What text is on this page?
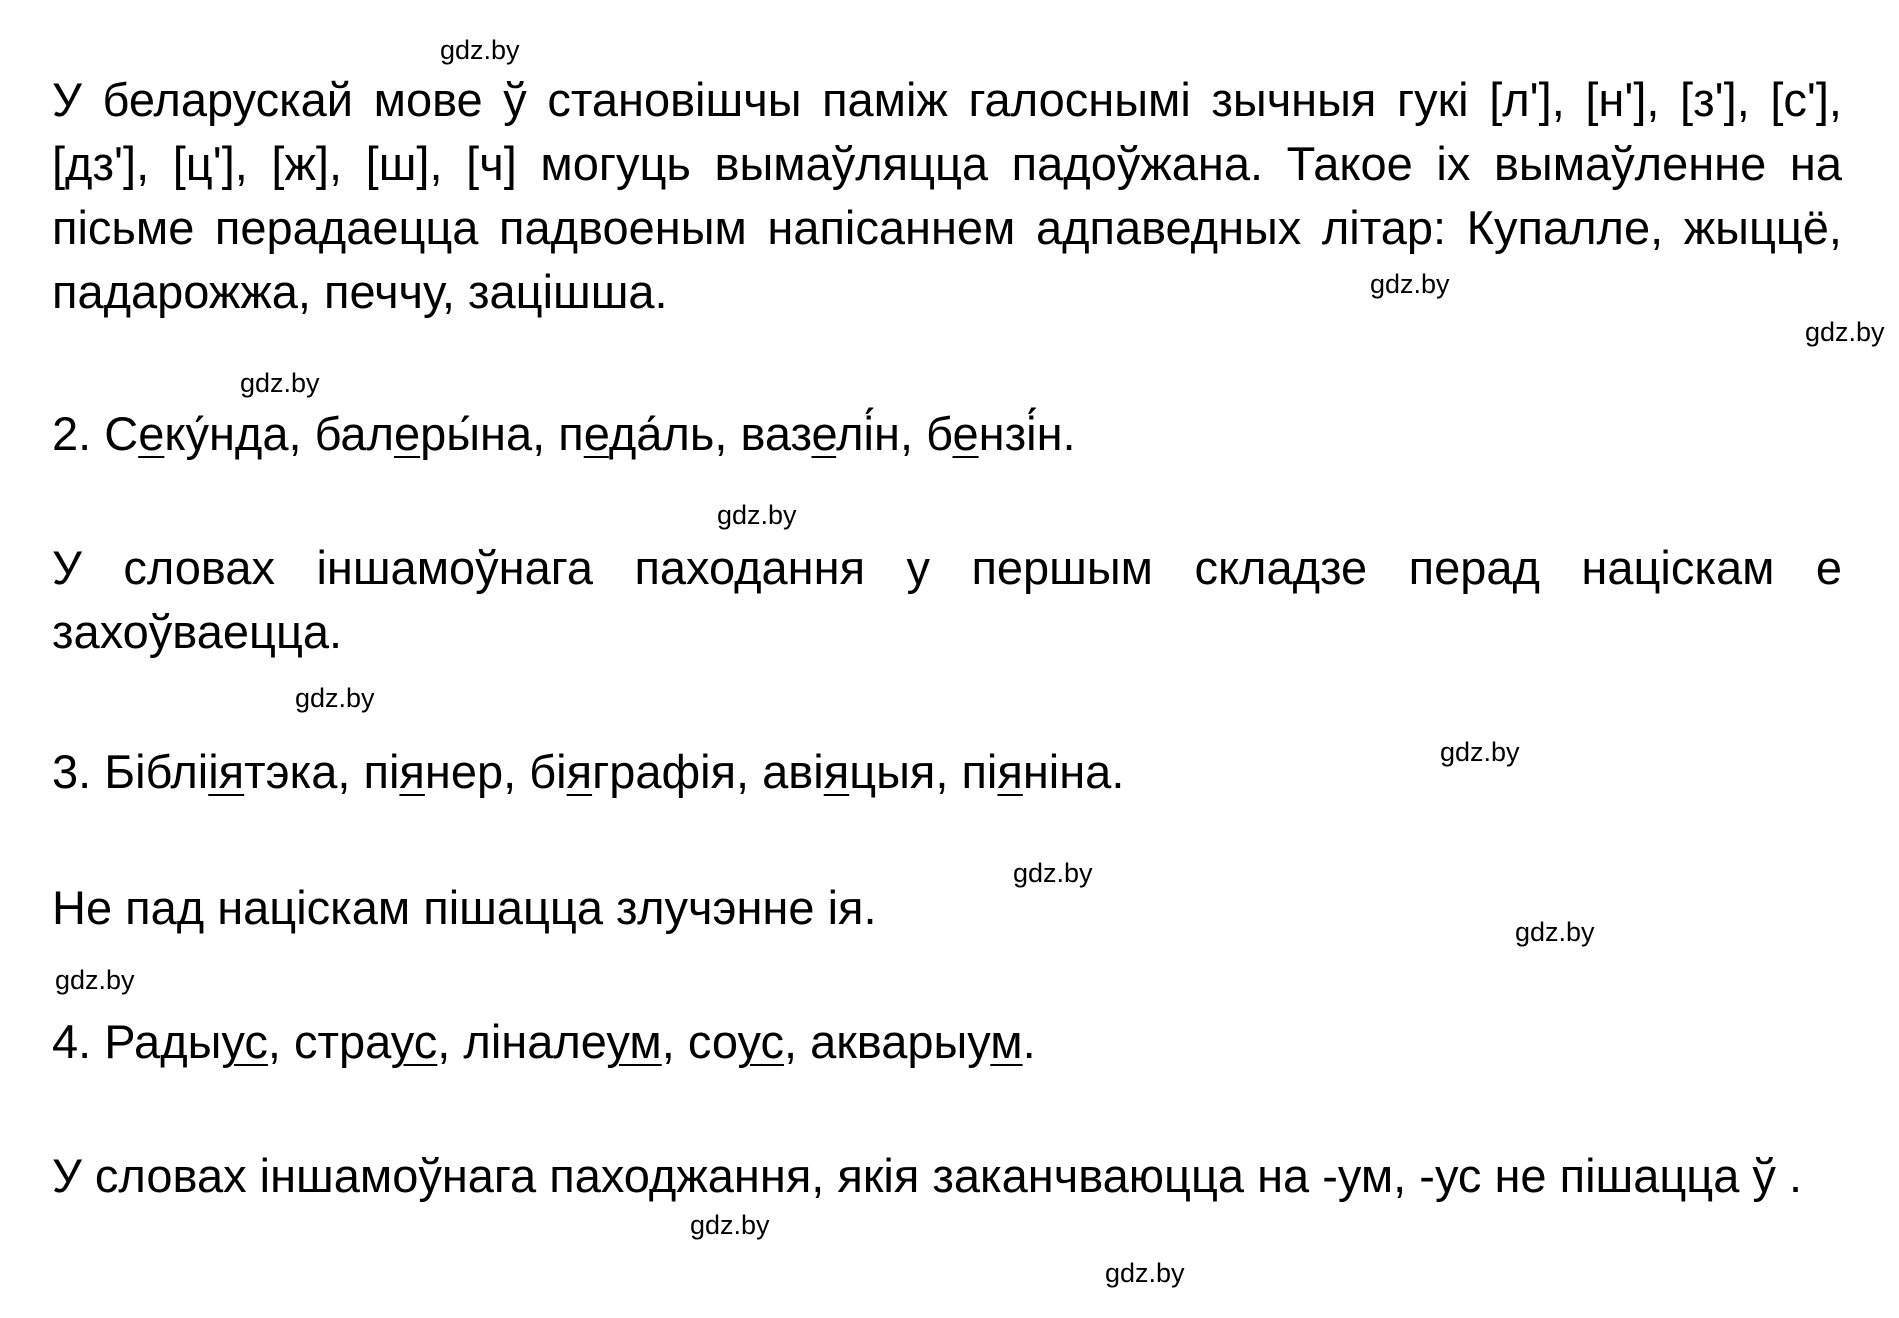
gdz.by
gdz.by
gdz.by
gdz.by
gdz.by
gdz.by
gdz.by
gdz.by
gdz.by
gdz.by
gdz.by
gdz.by

У беларускай мове ў становішчы паміж галоснымі зычныя гукі [л'], [н'], [з'], [с'], [дз'], [ц'], [ж], [ш], [ч] могуць вымаўляцца падоўжана. Такое іх вымаўленне на пісьме перадаецца падвоеным напісаннем адпаведных літар: Купалле, жыццё, падарожжа, печчу, зацішша.

2. Секу́нда, балеры́на, педа́ль, вазелі́н, бензі́н.

У словах іншамоўнага паходання у першым складзе перад націскам е захоўваецца.

3. Біблііятэка, піянер, біяграфія, авіяцыя, піяніна.

Не пад націскам пішацца злучэнне ія.

4. Радыус, страус, ліналеум, соус, акварыум.

У словах іншамоўнага паходжання, якія заканчваюцца на -ум, -ус не пішацца ў .
